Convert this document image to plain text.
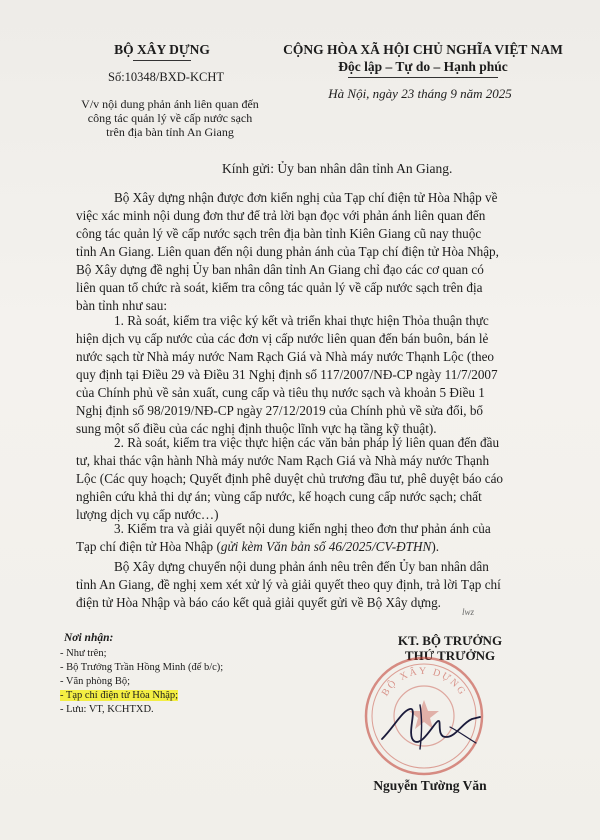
BỘ XÂY DỰNG
Số:10348/BXD-KCHT
V/v nội dung phản ánh liên quan đến
công tác quản lý về cấp nước sạch
trên địa bàn tỉnh An Giang
CỘNG HÒA XÃ HỘI CHỦ NGHĨA VIỆT NAM
Độc lập – Tự do – Hạnh phúc
Hà Nội, ngày 23 tháng 9 năm 2025
Kính gửi: Ủy ban nhân dân tỉnh An Giang.
Bộ Xây dựng nhận được đơn kiến nghị của Tạp chí điện tử Hòa Nhập về
việc xác minh nội dung đơn thư để trả lời bạn đọc với phản ánh liên quan đến
công tác quản lý về cấp nước sạch trên địa bàn tỉnh Kiên Giang cũ nay thuộc
tỉnh An Giang. Liên quan đến nội dung phản ánh của Tạp chí điện tử Hòa Nhập,
Bộ Xây dựng đề nghị Ủy ban nhân dân tỉnh An Giang chỉ đạo các cơ quan có
liên quan tổ chức rà soát, kiểm tra công tác quản lý về cấp nước sạch trên địa
bàn tỉnh như sau:
1. Rà soát, kiểm tra việc ký kết và triển khai thực hiện Thỏa thuận thực
hiện dịch vụ cấp nước của các đơn vị cấp nước liên quan đến bán buôn, bán lẻ
nước sạch từ Nhà máy nước Nam Rạch Giá và Nhà máy nước Thạnh Lộc (theo
quy định tại Điều 29 và Điều 31 Nghị định số 117/2007/NĐ-CP ngày 11/7/2007
của Chính phủ về sản xuất, cung cấp và tiêu thụ nước sạch và khoản 5 Điều 1
Nghị định số 98/2019/NĐ-CP ngày 27/12/2019 của Chính phủ về sửa đổi, bổ
sung một số điều của các nghị định thuộc lĩnh vực hạ tầng kỹ thuật).
2. Rà soát, kiểm tra việc thực hiện các văn bản pháp lý liên quan đến đầu
tư, khai thác vận hành Nhà máy nước Nam Rạch Giá và Nhà máy nước Thạnh
Lộc (Các quy hoạch; Quyết định phê duyệt chủ trương đầu tư, phê duyệt báo cáo
nghiên cứu khả thi dự án; vùng cấp nước, kế hoạch cung cấp nước sạch; chất
lượng dịch vụ cấp nước…)
3. Kiểm tra và giải quyết nội dung kiến nghị theo đơn thư phản ánh của
Tạp chí điện tử Hòa Nhập (gửi kèm Văn bản số 46/2025/CV-ĐTHN).
Bộ Xây dựng chuyển nội dung phản ánh nêu trên đến Ủy ban nhân dân
tỉnh An Giang, đề nghị xem xét xử lý và giải quyết theo quy định, trả lời Tạp chí
điện tử Hòa Nhập và báo cáo kết quả giải quyết gửi về Bộ Xây dựng.
lwz
Nơi nhận:
- Như trên;
- Bộ Trưởng Trần Hồng Minh (để b/c);
- Văn phòng Bộ;
- Tạp chí điện tử Hòa Nhập;
- Lưu: VT, KCHTXD.
KT. BỘ TRƯỞNG
THỨ TRƯỞNG
BỘ XÂY DỰNG
Nguyễn Tường Văn
